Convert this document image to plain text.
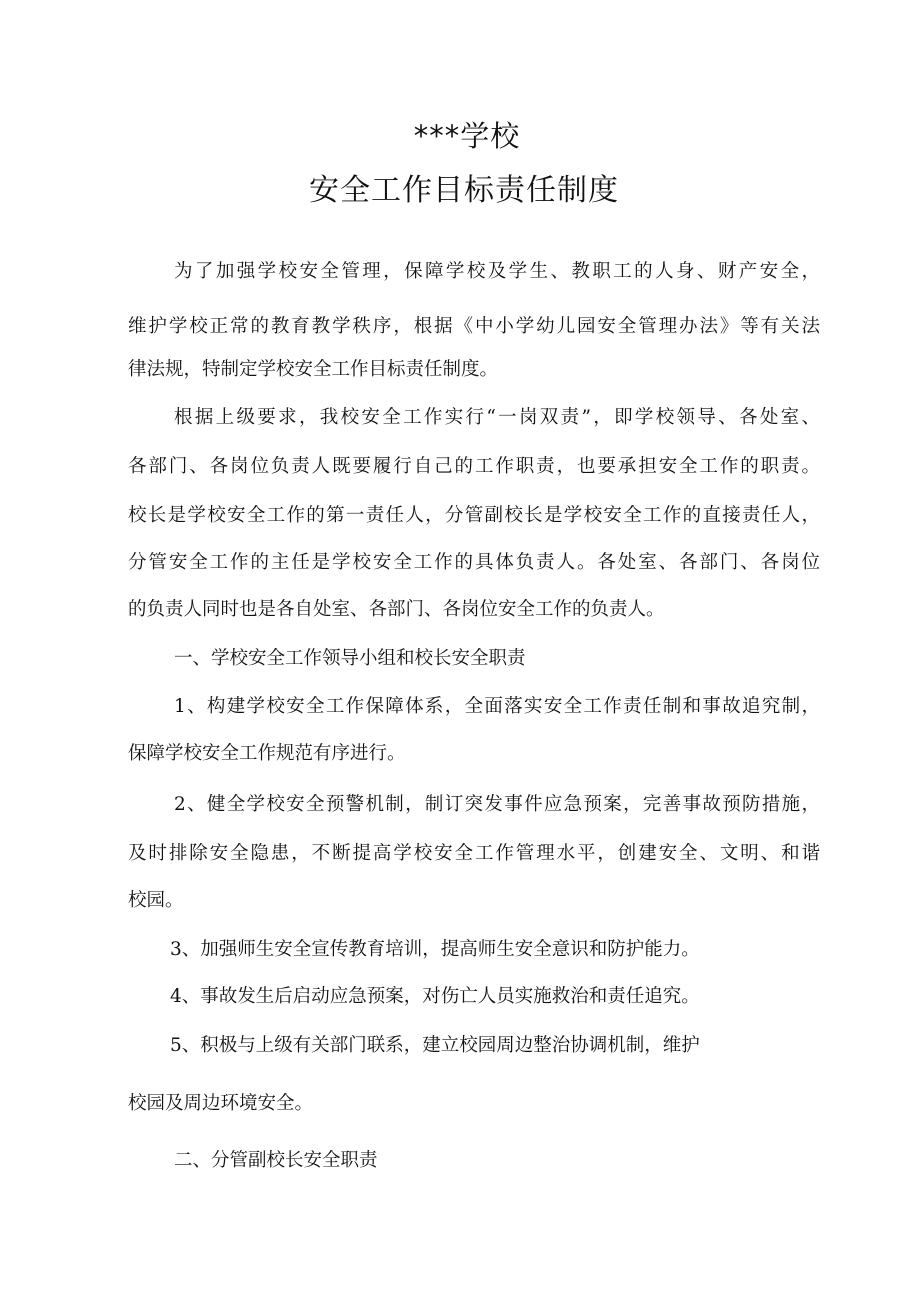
***学校
安全工作目标责任制度
为了加强学校安全管理，保障学校及学生、教职工的人身、财产安全，
维护学校正常的教育教学秩序，根据《中小学幼儿园安全管理办法》等有关法
律法规，特制定学校安全工作目标责任制度。
根据上级要求，我校安全工作实行“一岗双责”，即学校领导、各处室、
各部门、各岗位负责人既要履行自己的工作职责，也要承担安全工作的职责。
校长是学校安全工作的第一责任人，分管副校长是学校安全工作的直接责任人，
分管安全工作的主任是学校安全工作的具体负责人。各处室、各部门、各岗位
的负责人同时也是各自处室、各部门、各岗位安全工作的负责人。
一、学校安全工作领导小组和校长安全职责
1、构建学校安全工作保障体系，全面落实安全工作责任制和事故追究制，
保障学校安全工作规范有序进行。
2、健全学校安全预警机制，制订突发事件应急预案，完善事故预防措施，
及时排除安全隐患，不断提高学校安全工作管理水平，创建安全、文明、和谐
校园。
3、加强师生安全宣传教育培训，提高师生安全意识和防护能力。
4、事故发生后启动应急预案，对伤亡人员实施救治和责任追究。
5、积极与上级有关部门联系，建立校园周边整治协调机制，维护
校园及周边环境安全。
二、分管副校长安全职责
